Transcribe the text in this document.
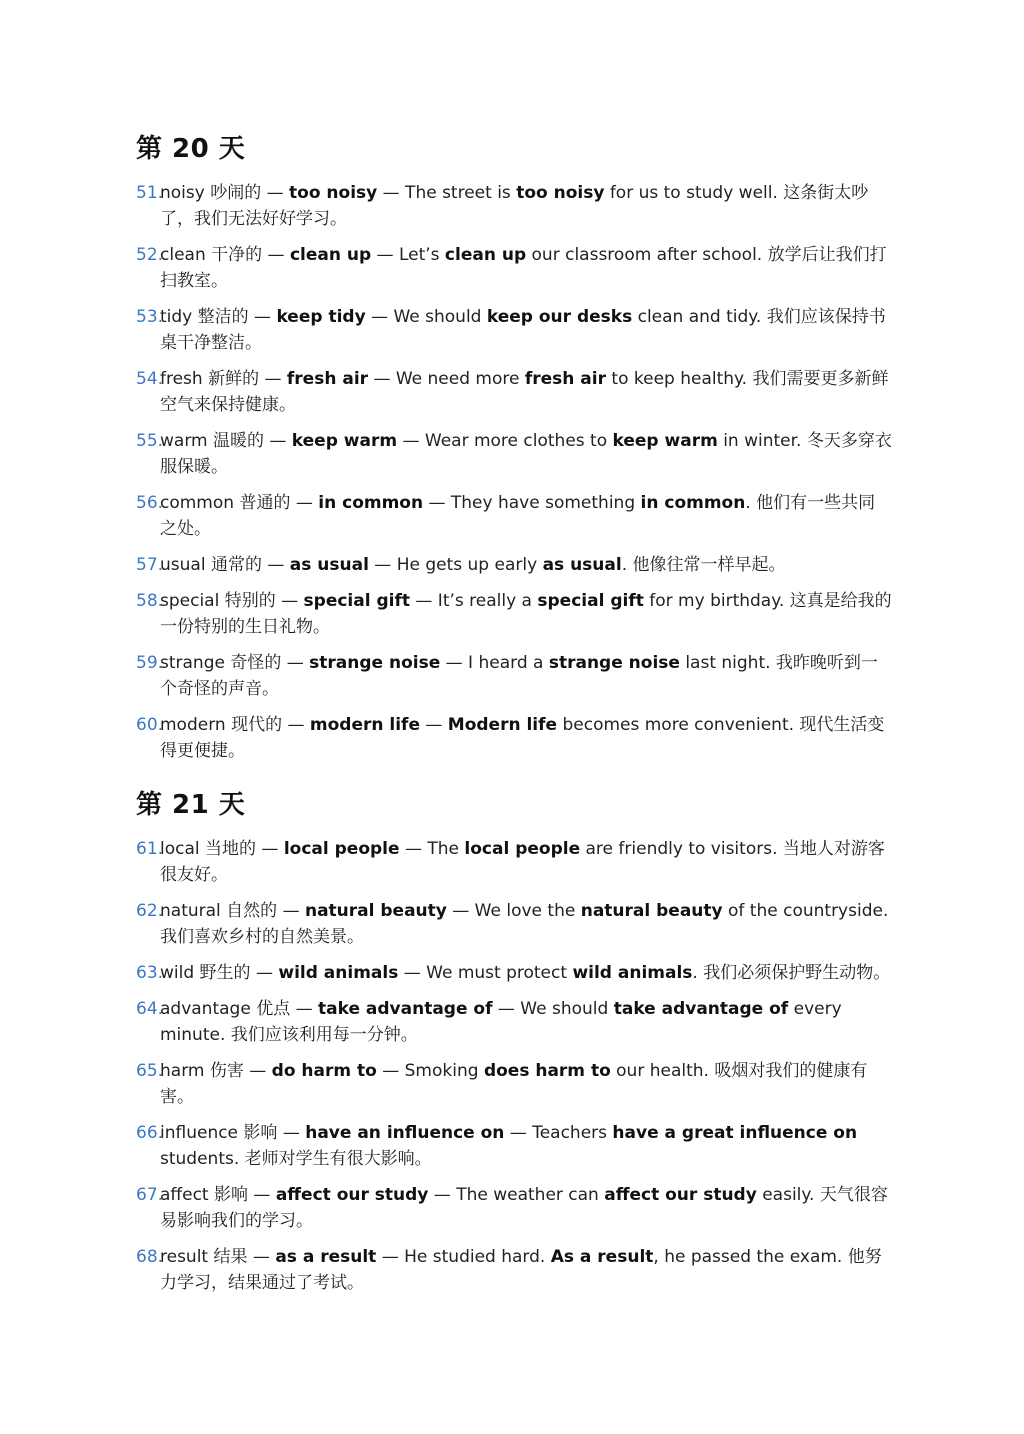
第 20 天
51.
noisy 吵闹的 — too noisy — The street is too noisy for us to study well. 这条街太吵了，我们无法好好学习。
52.
clean 干净的 — clean up — Let’s clean up our classroom after school. 放学后让我们打扫教室。
53.
tidy 整洁的 — keep tidy — We should keep our desks clean and tidy. 我们应该保持书桌干净整洁。
54.
fresh 新鲜的 — fresh air — We need more fresh air to keep healthy. 我们需要更多新鲜空气来保持健康。
55.
warm 温暖的 — keep warm — Wear more clothes to keep warm in winter. 冬天多穿衣服保暖。
56.
common 普通的 — in common — They have something in common. 他们有一些共同之处。
57.
usual 通常的 — as usual — He gets up early as usual. 他像往常一样早起。
58.
special 特别的 — special gift — It’s really a special gift for my birthday. 这真是给我的一份特别的生日礼物。
59.
strange 奇怪的 — strange noise — I heard a strange noise last night. 我昨晚听到一个奇怪的声音。
60.
modern 现代的 — modern life — Modern life becomes more convenient. 现代生活变得更便捷。
第 21 天
61.
local 当地的 — local people — The local people are friendly to visitors. 当地人对游客很友好。
62.
natural 自然的 — natural beauty — We love the natural beauty of the countryside. 我们喜欢乡村的自然美景。
63.
wild 野生的 — wild animals — We must protect wild animals. 我们必须保护野生动物。
64.
advantage 优点 — take advantage of — We should take advantage of every minute. 我们应该利用每一分钟。
65.
harm 伤害 — do harm to — Smoking does harm to our health. 吸烟对我们的健康有害。
66.
influence 影响 — have an influence on — Teachers have a great influence on students. 老师对学生有很大影响。
67.
affect 影响 — affect our study — The weather can affect our study easily. 天气很容易影响我们的学习。
68.
result 结果 — as a result — He studied hard. As a result, he passed the exam. 他努力学习，结果通过了考试。
